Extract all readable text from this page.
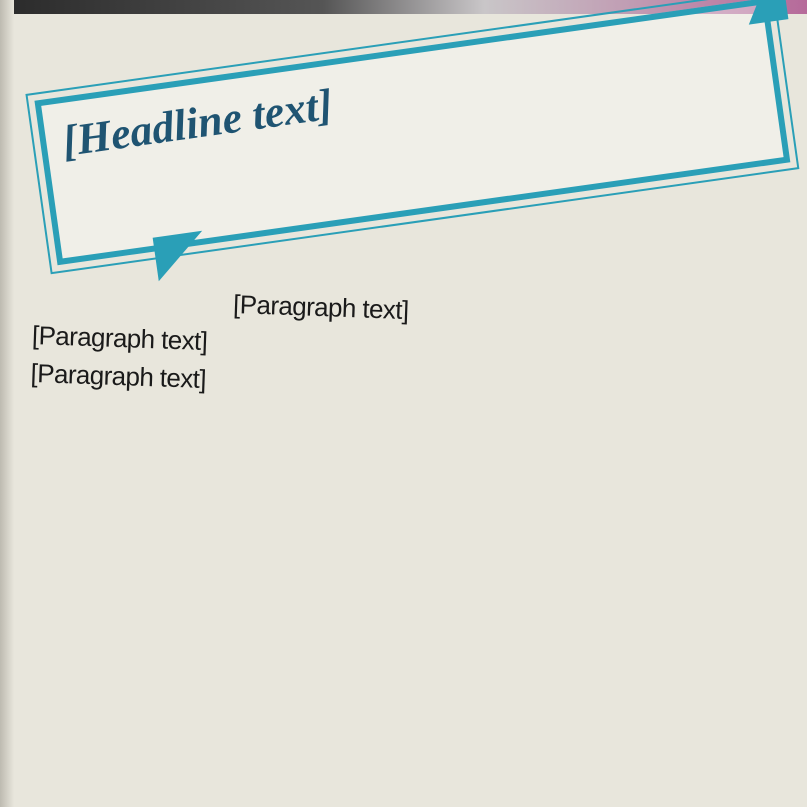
[Headline text]

[Paragraph text]

[Paragraph text]

[Paragraph text]
